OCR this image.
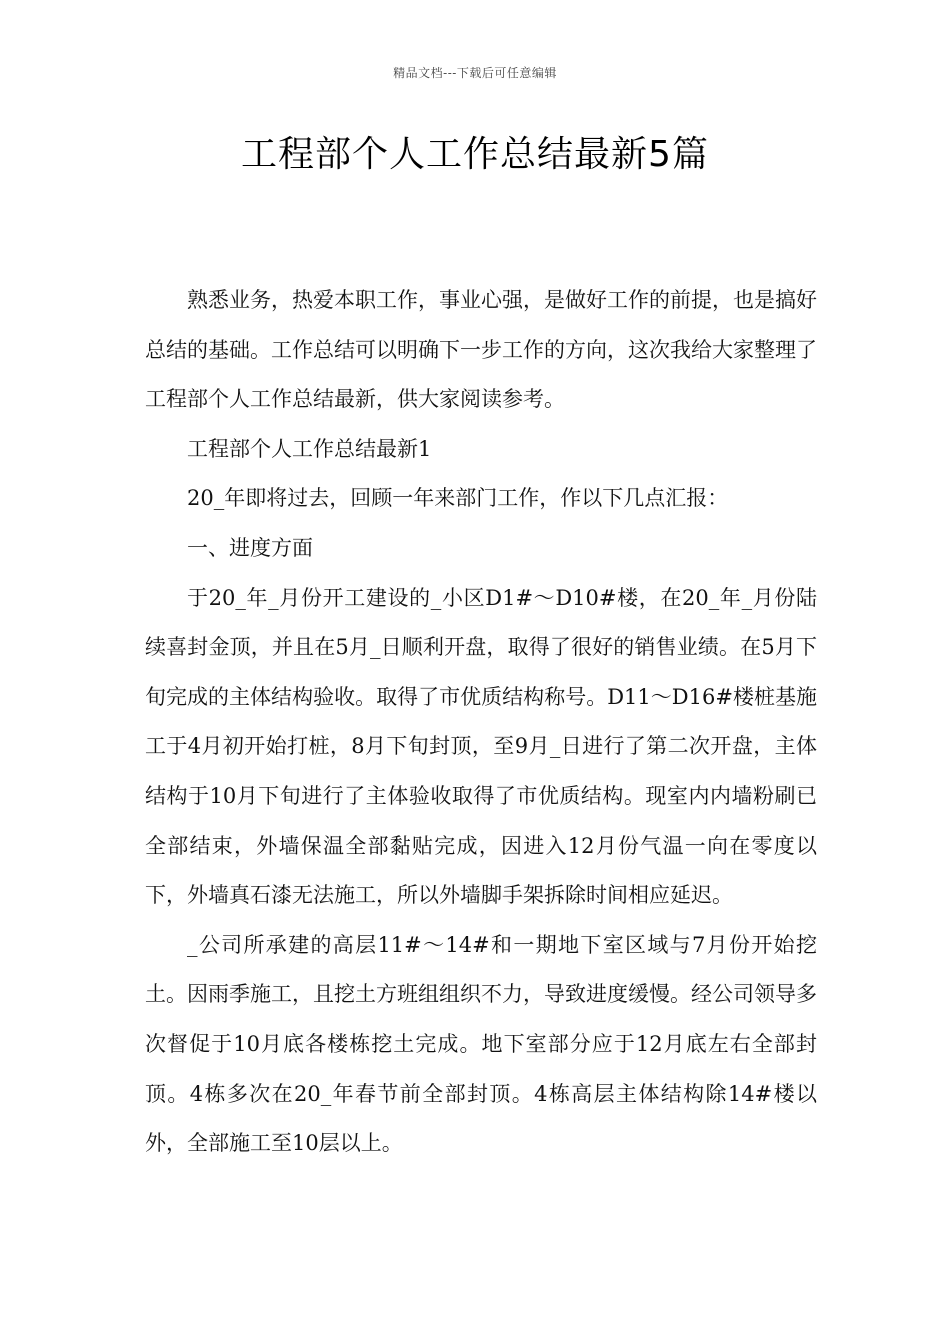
精品文档---下载后可任意编辑
工程部个人工作总结最新5篇

熟悉业务，热爱本职工作，事业心强，是做好工作的前提，也是搞好总结的基础。工作总结可以明确下一步工作的方向，这次我给大家整理了工程部个人工作总结最新，供大家阅读参考。

工程部个人工作总结最新1

20_年即将过去，回顾一年来部门工作，作以下几点汇报：

一、进度方面

于20_年_月份开工建设的_小区D1#～D10#楼，在20_年_月份陆续喜封金顶，并且在5月_日顺利开盘，取得了很好的销售业绩。在5月下旬完成的主体结构验收。取得了市优质结构称号。D11～D16#楼桩基施工于4月初开始打桩，8月下旬封顶，至9月_日进行了第二次开盘，主体结构于10月下旬进行了主体验收取得了市优质结构。现室内内墙粉刷已全部结束，外墙保温全部黏贴完成，因进入12月份气温一向在零度以下，外墙真石漆无法施工，所以外墙脚手架拆除时间相应延迟。

_公司所承建的高层11#～14#和一期地下室区域与7月份开始挖土。因雨季施工，且挖土方班组组织不力，导致进度缓慢。经公司领导多次督促于10月底各楼栋挖土完成。地下室部分应于12月底左右全部封顶。4栋多次在20_年春节前全部封顶。4栋高层主体结构除14#楼以外，全部施工至10层以上。
